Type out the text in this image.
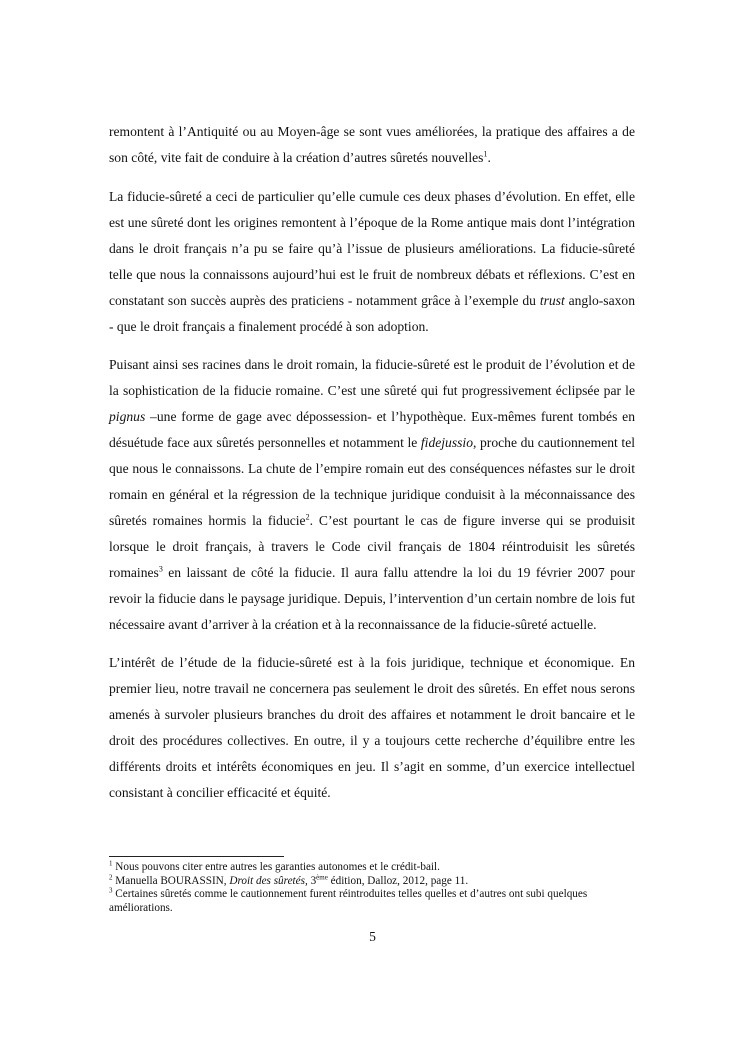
remontent à l’Antiquité ou au Moyen-âge se sont vues améliorées, la pratique des affaires a de son côté, vite fait de conduire à la création d’autres sûretés nouvelles$^1$.

La fiducie-sûreté a ceci de particulier qu’elle cumule ces deux phases d’évolution. En effet, elle est une sûreté dont les origines remontent à l’époque de la Rome antique mais dont l’intégration dans le droit français n’a pu se faire qu’à l’issue de plusieurs améliorations. La fiducie-sûreté telle que nous la connaissons aujourd’hui est le fruit de nombreux débats et réflexions. C’est en constatant son succès auprès des praticiens - notamment grâce à l’exemple du trust anglo-saxon - que le droit français a finalement procédé à son adoption.

Puisant ainsi ses racines dans le droit romain, la fiducie-sûreté est le produit de l’évolution et de la sophistication de la fiducie romaine. C’est une sûreté qui fut progressivement éclipsée par le pignus –une forme de gage avec dépossession- et l’hypothèque. Eux-mêmes furent tombés en désuétude face aux sûretés personnelles et notamment le fidejussio, proche du cautionnement tel que nous le connaissons. La chute de l’empire romain eut des conséquences néfastes sur le droit romain en général et la régression de la technique juridique conduisit à la méconnaissance des sûretés romaines hormis la fiducie$^2$. C’est pourtant le cas de figure inverse qui se produisit lorsque le droit français, à travers le Code civil français de 1804 réintroduisit les sûretés romaines$^3$ en laissant de côté la fiducie. Il aura fallu attendre la loi du 19 février 2007 pour revoir la fiducie dans le paysage juridique. Depuis, l’intervention d’un certain nombre de lois fut nécessaire avant d’arriver à la création et à la reconnaissance de la fiducie-sûreté actuelle.

L’intérêt de l’étude de la fiducie-sûreté est à la fois juridique, technique et économique. En premier lieu, notre travail ne concernera pas seulement le droit des sûretés. En effet nous serons amenés à survoler plusieurs branches du droit des affaires et notamment le droit bancaire et le droit des procédures collectives. En outre, il y a toujours cette recherche d’équilibre entre les différents droits et intérêts économiques en jeu. Il s’agit en somme, d’un exercice intellectuel consistant à concilier efficacité et équité.

$^1$ Nous pouvons citer entre autres les garanties autonomes et le crédit-bail.

$^2$ Manuella BOURASSIN, Droit des sûretés, 3ème édition, Dalloz, 2012, page 11.

$^3$ Certaines sûretés comme le cautionnement furent réintroduites telles quelles et d’autres ont subi quelques améliorations.

5
